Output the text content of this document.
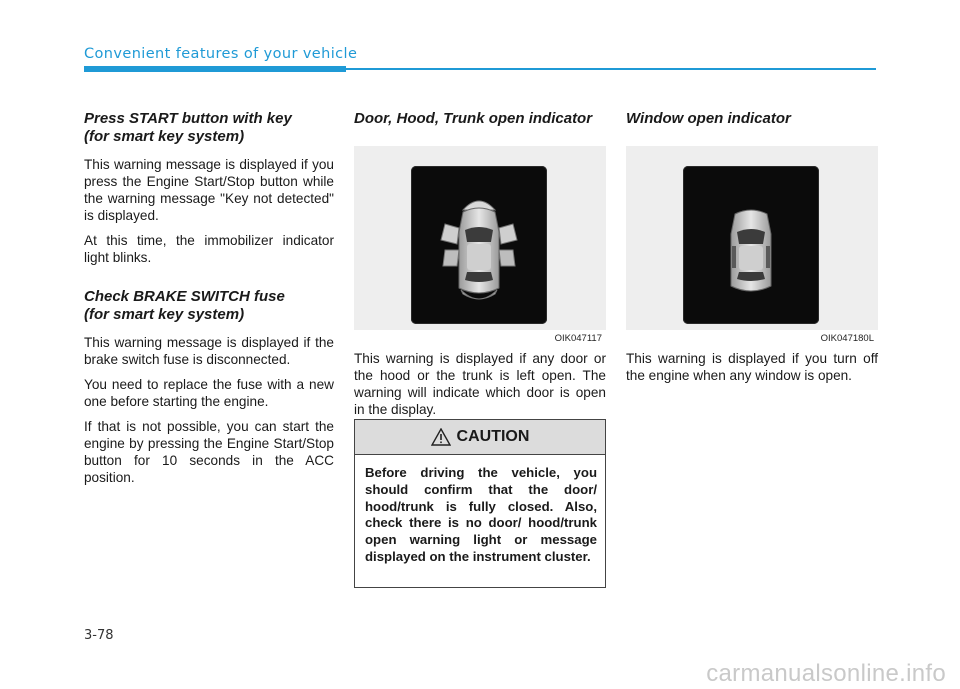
Convenient features of your vehicle
Press START button with key
(for smart key system)

This warning message is displayed if you press the Engine Start/Stop button while the warning message "Key not detected" is displayed.

At this time, the immobilizer indicator light blinks.

Check BRAKE SWITCH fuse
(for smart key system)

This warning message is displayed if the brake switch fuse is disconnected.

You need to replace the fuse with a new one before starting the engine.

If that is not possible, you can start the engine by pressing the Engine Start/Stop button for 10 seconds in the ACC position.

Door, Hood, Trunk open indicator
OIK047117

This warning is displayed if any door or the hood or the trunk is left open. The warning will indicate which door is open in the display.

CAUTION
Before driving the vehicle, you should confirm that the door/ hood/trunk is fully closed. Also, check there is no door/ hood/trunk open warning light or message displayed on the instrument cluster.
Window open indicator
OIK047180L

This warning is displayed if you turn off the engine when any window is open.

3-78
carmanualsonline.info
